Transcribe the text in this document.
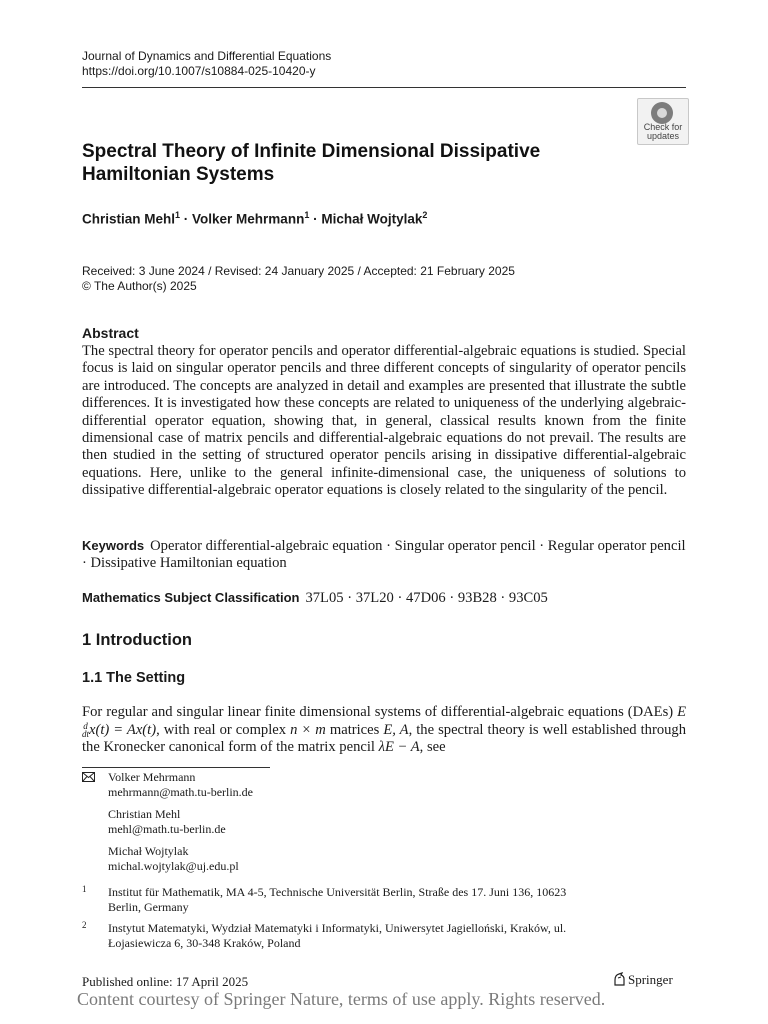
Journal of Dynamics and Differential Equations
https://doi.org/10.1007/s10884-025-10420-y
Check for
updates
Spectral Theory of Infinite Dimensional Dissipative
Hamiltonian Systems
Christian Mehl$^1$ · Volker Mehrmann$^1$ · Michał Wojtylak$^2$
Received: 3 June 2024 / Revised: 24 January 2025 / Accepted: 21 February 2025
© The Author(s) 2025
Abstract
The spectral theory for operator pencils and operator differential-algebraic equations is studied. Special focus is laid on singular operator pencils and three different concepts of singularity of operator pencils are introduced. The concepts are analyzed in detail and examples are presented that illustrate the subtle differences. It is investigated how these concepts are related to uniqueness of the underlying algebraic-differential operator equation, showing that, in general, classical results known from the finite dimensional case of matrix pencils and differential-algebraic equations do not prevail. The results are then studied in the setting of structured operator pencils arising in dissipative differential-algebraic equations. Here, unlike to the general infinite-dimensional case, the uniqueness of solutions to dissipative differential-algebraic operator equations is closely related to the singularity of the pencil.
Keywords Operator differential-algebraic equation · Singular operator pencil · Regular operator pencil · Dissipative Hamiltonian equation
Mathematics Subject Classification 37L05 · 37L20 · 47D06 · 93B28 · 93C05
1 Introduction
1.1 The Setting
For regular and singular linear finite dimensional systems of differential-algebraic equations (DAEs) E d
dtx(t) = Ax(t), with real or complex n × m matrices E, A, the spectral theory is well established through the Kronecker canonical form of the matrix pencil λE − A, see
Volker Mehrmann
mehrmann@math.tu-berlin.de
Christian Mehl
mehl@math.tu-berlin.de
Michał Wojtylak
michal.wojtylak@uj.edu.pl
1 Institut für Mathematik, MA 4-5, Technische Universität Berlin, Straße des 17. Juni 136, 10623
Berlin, Germany
2 Instytut Matematyki, Wydział Matematyki i Informatyki, Uniwersytet Jagielloński, Kraków, ul.
Łojasiewicza 6, 30-348 Kraków, Poland
Published online: 17 April 2025	Springer
Content courtesy of Springer Nature, terms of use apply. Rights reserved.
